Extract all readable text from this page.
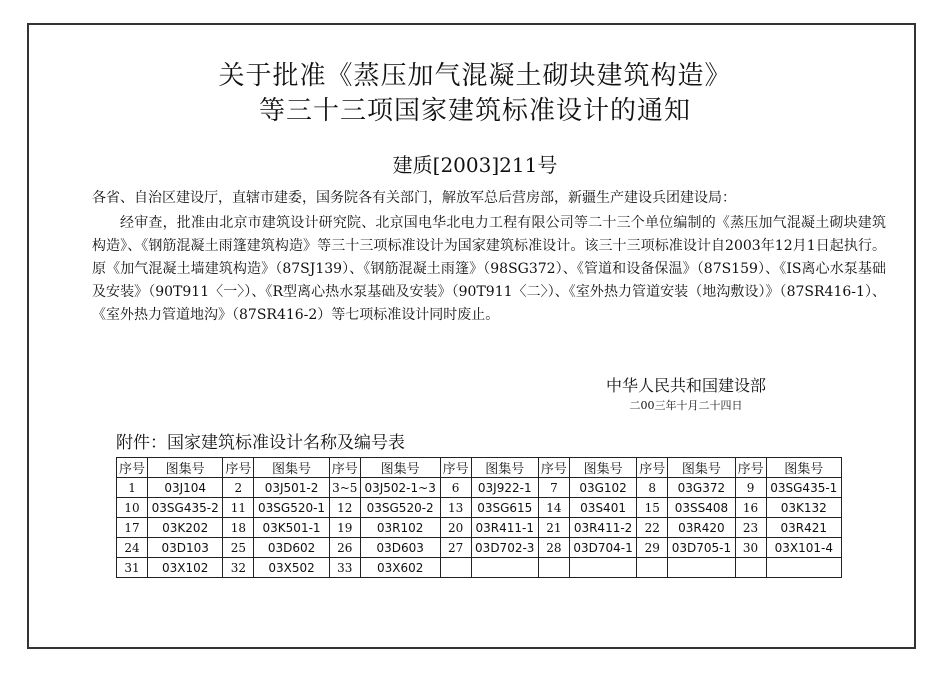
关于批准《蒸压加气混凝土砌块建筑构造》
等三十三项国家建筑标准设计的通知
建质[2003]211号
各省、自治区建设厅，直辖市建委，国务院各有关部门，解放军总后营房部，新疆生产建设兵团建设局：

经审查，批准由北京市建筑设计研究院、北京国电华北电力工程有限公司等二十三个单位编制的《蒸压加气混凝土砌块建筑构造》、《钢筋混凝土雨篷建筑构造》等三十三项标准设计为国家建筑标准设计。该三十三项标准设计自2003年12月1日起执行。原《加气混凝土墙建筑构造》（87SJ139）、《钢筋混凝土雨篷》（98SG372）、《管道和设备保温》（87S159）、《IS离心水泵基础及安装》（90T911〈一〉）、《R型离心热水泵基础及安装》（90T911〈二〉）、《室外热力管道安装（地沟敷设）》（87SR416-1）、《室外热力管道地沟》（87SR416-2）等七项标准设计同时废止。

中华人民共和国建设部
二00三年十月二十四日
附件：国家建筑标准设计名称及编号表
序号	图集号	序号	图集号	序号	图集号	序号	图集号	序号	图集号	序号	图集号	序号	图集号
1	03J104	2	03J501-2	3~5	03J502-1~3	6	03J922-1	7	03G102	8	03G372	9	03SG435-1
10	03SG435-2	11	03SG520-1	12	03SG520-2	13	03SG615	14	03S401	15	03SS408	16	03K132
17	03K202	18	03K501-1	19	03R102	20	03R411-1	21	03R411-2	22	03R420	23	03R421
24	03D103	25	03D602	26	03D603	27	03D702-3	28	03D704-1	29	03D705-1	30	03X101-4
31	03X102	32	03X502	33	03X602								
